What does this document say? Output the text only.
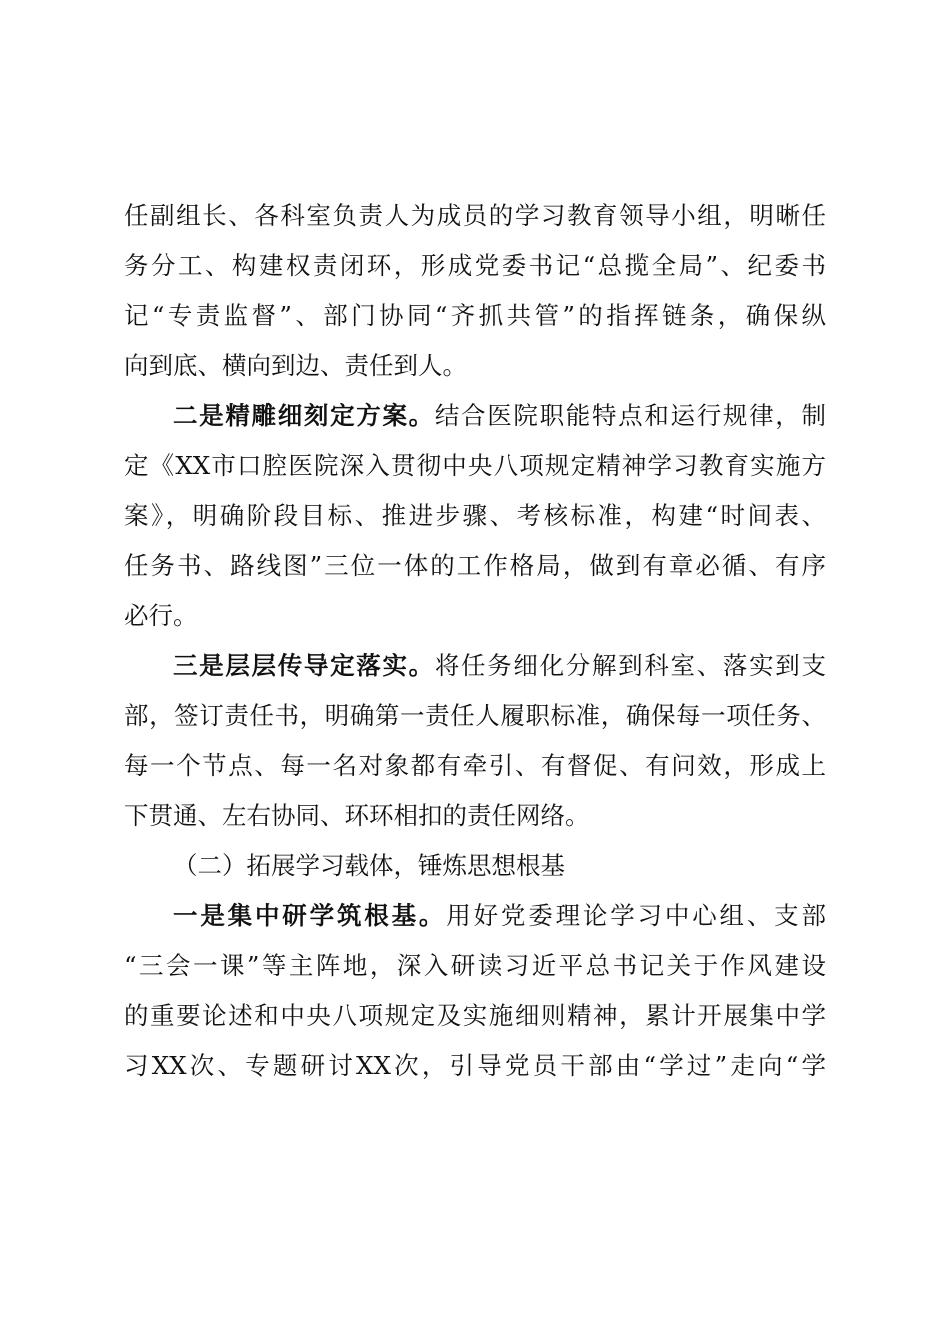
任副组长、各科室负责人为成员的学习教育领导小组，明晰任
务分工、构建权责闭环，形成党委书记“总揽全局”、纪委书
记“专责监督”、部门协同“齐抓共管”的指挥链条，确保纵
向到底、横向到边、责任到人。
二是精雕细刻定方案。结合医院职能特点和运行规律，制
定《XX市口腔医院深入贯彻中央八项规定精神学习教育实施方
案》，明确阶段目标、推进步骤、考核标准，构建“时间表、
任务书、路线图”三位一体的工作格局，做到有章必循、有序
必行。
三是层层传导定落实。将任务细化分解到科室、落实到支
部，签订责任书，明确第一责任人履职标准，确保每一项任务、
每一个节点、每一名对象都有牵引、有督促、有问效，形成上
下贯通、左右协同、环环相扣的责任网络。
（二）拓展学习载体，锤炼思想根基
一是集中研学筑根基。用好党委理论学习中心组、支部
“三会一课”等主阵地，深入研读习近平总书记关于作风建设
的重要论述和中央八项规定及实施细则精神，累计开展集中学
习XX次、专题研讨XX次，引导党员干部由“学过”走向“学
